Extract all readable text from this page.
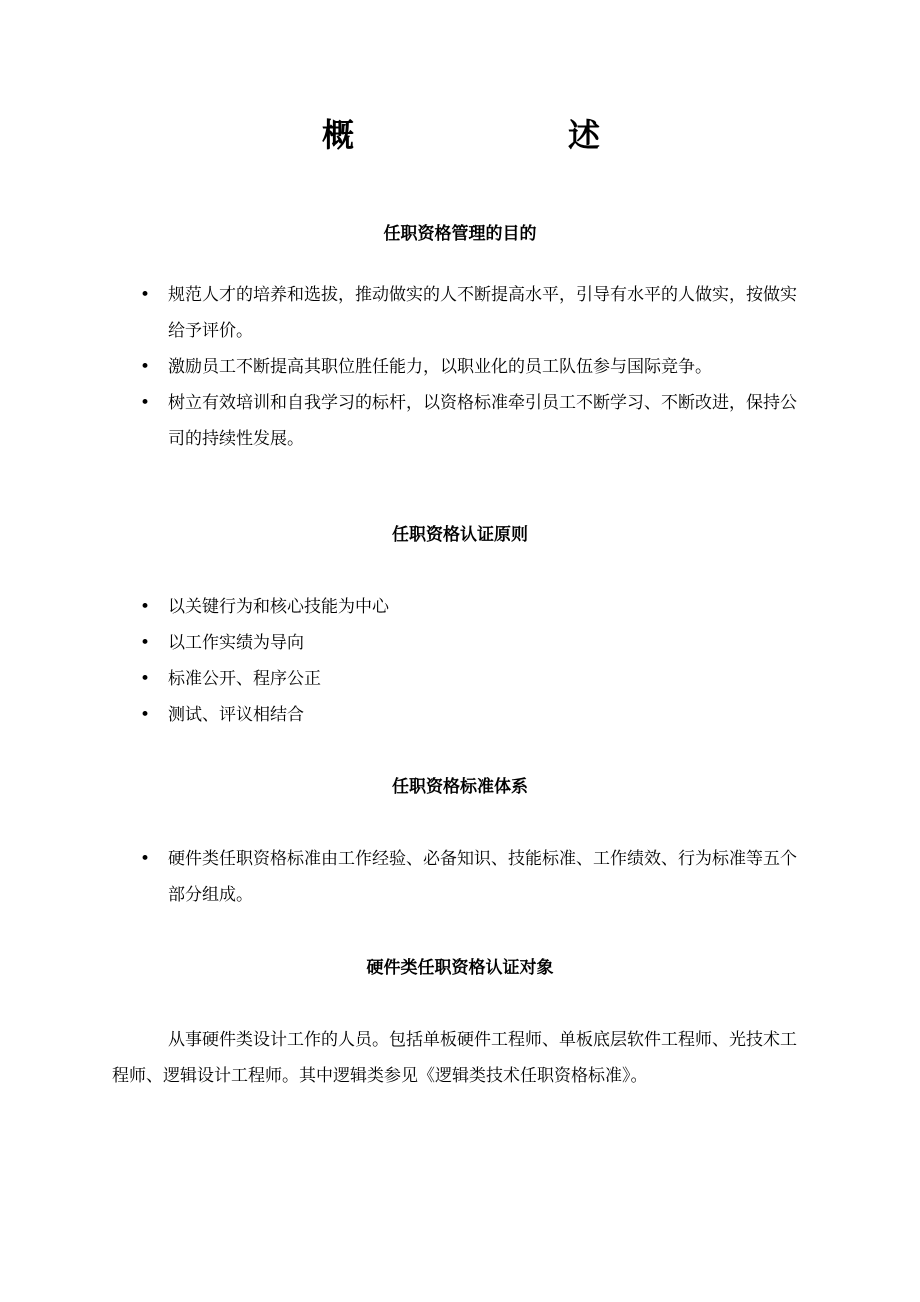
概	述
任职资格管理的目的
• 规范人才的培养和选拔，推动做实的人不断提高水平，引导有水平的人做实，按做实给予评价。
• 激励员工不断提高其职位胜任能力，以职业化的员工队伍参与国际竞争。
• 树立有效培训和自我学习的标杆，以资格标准牵引员工不断学习、不断改进，保持公司的持续性发展。
任职资格认证原则
• 以关键行为和核心技能为中心
• 以工作实绩为导向
• 标准公开、程序公正
• 测试、评议相结合
任职资格标准体系
• 硬件类任职资格标准由工作经验、必备知识、技能标准、工作绩效、行为标准等五个部分组成。
硬件类任职资格认证对象

从事硬件类设计工作的人员。包括单板硬件工程师、单板底层软件工程师、光技术工程师、逻辑设计工程师。其中逻辑类参见《逻辑类技术任职资格标准》。
